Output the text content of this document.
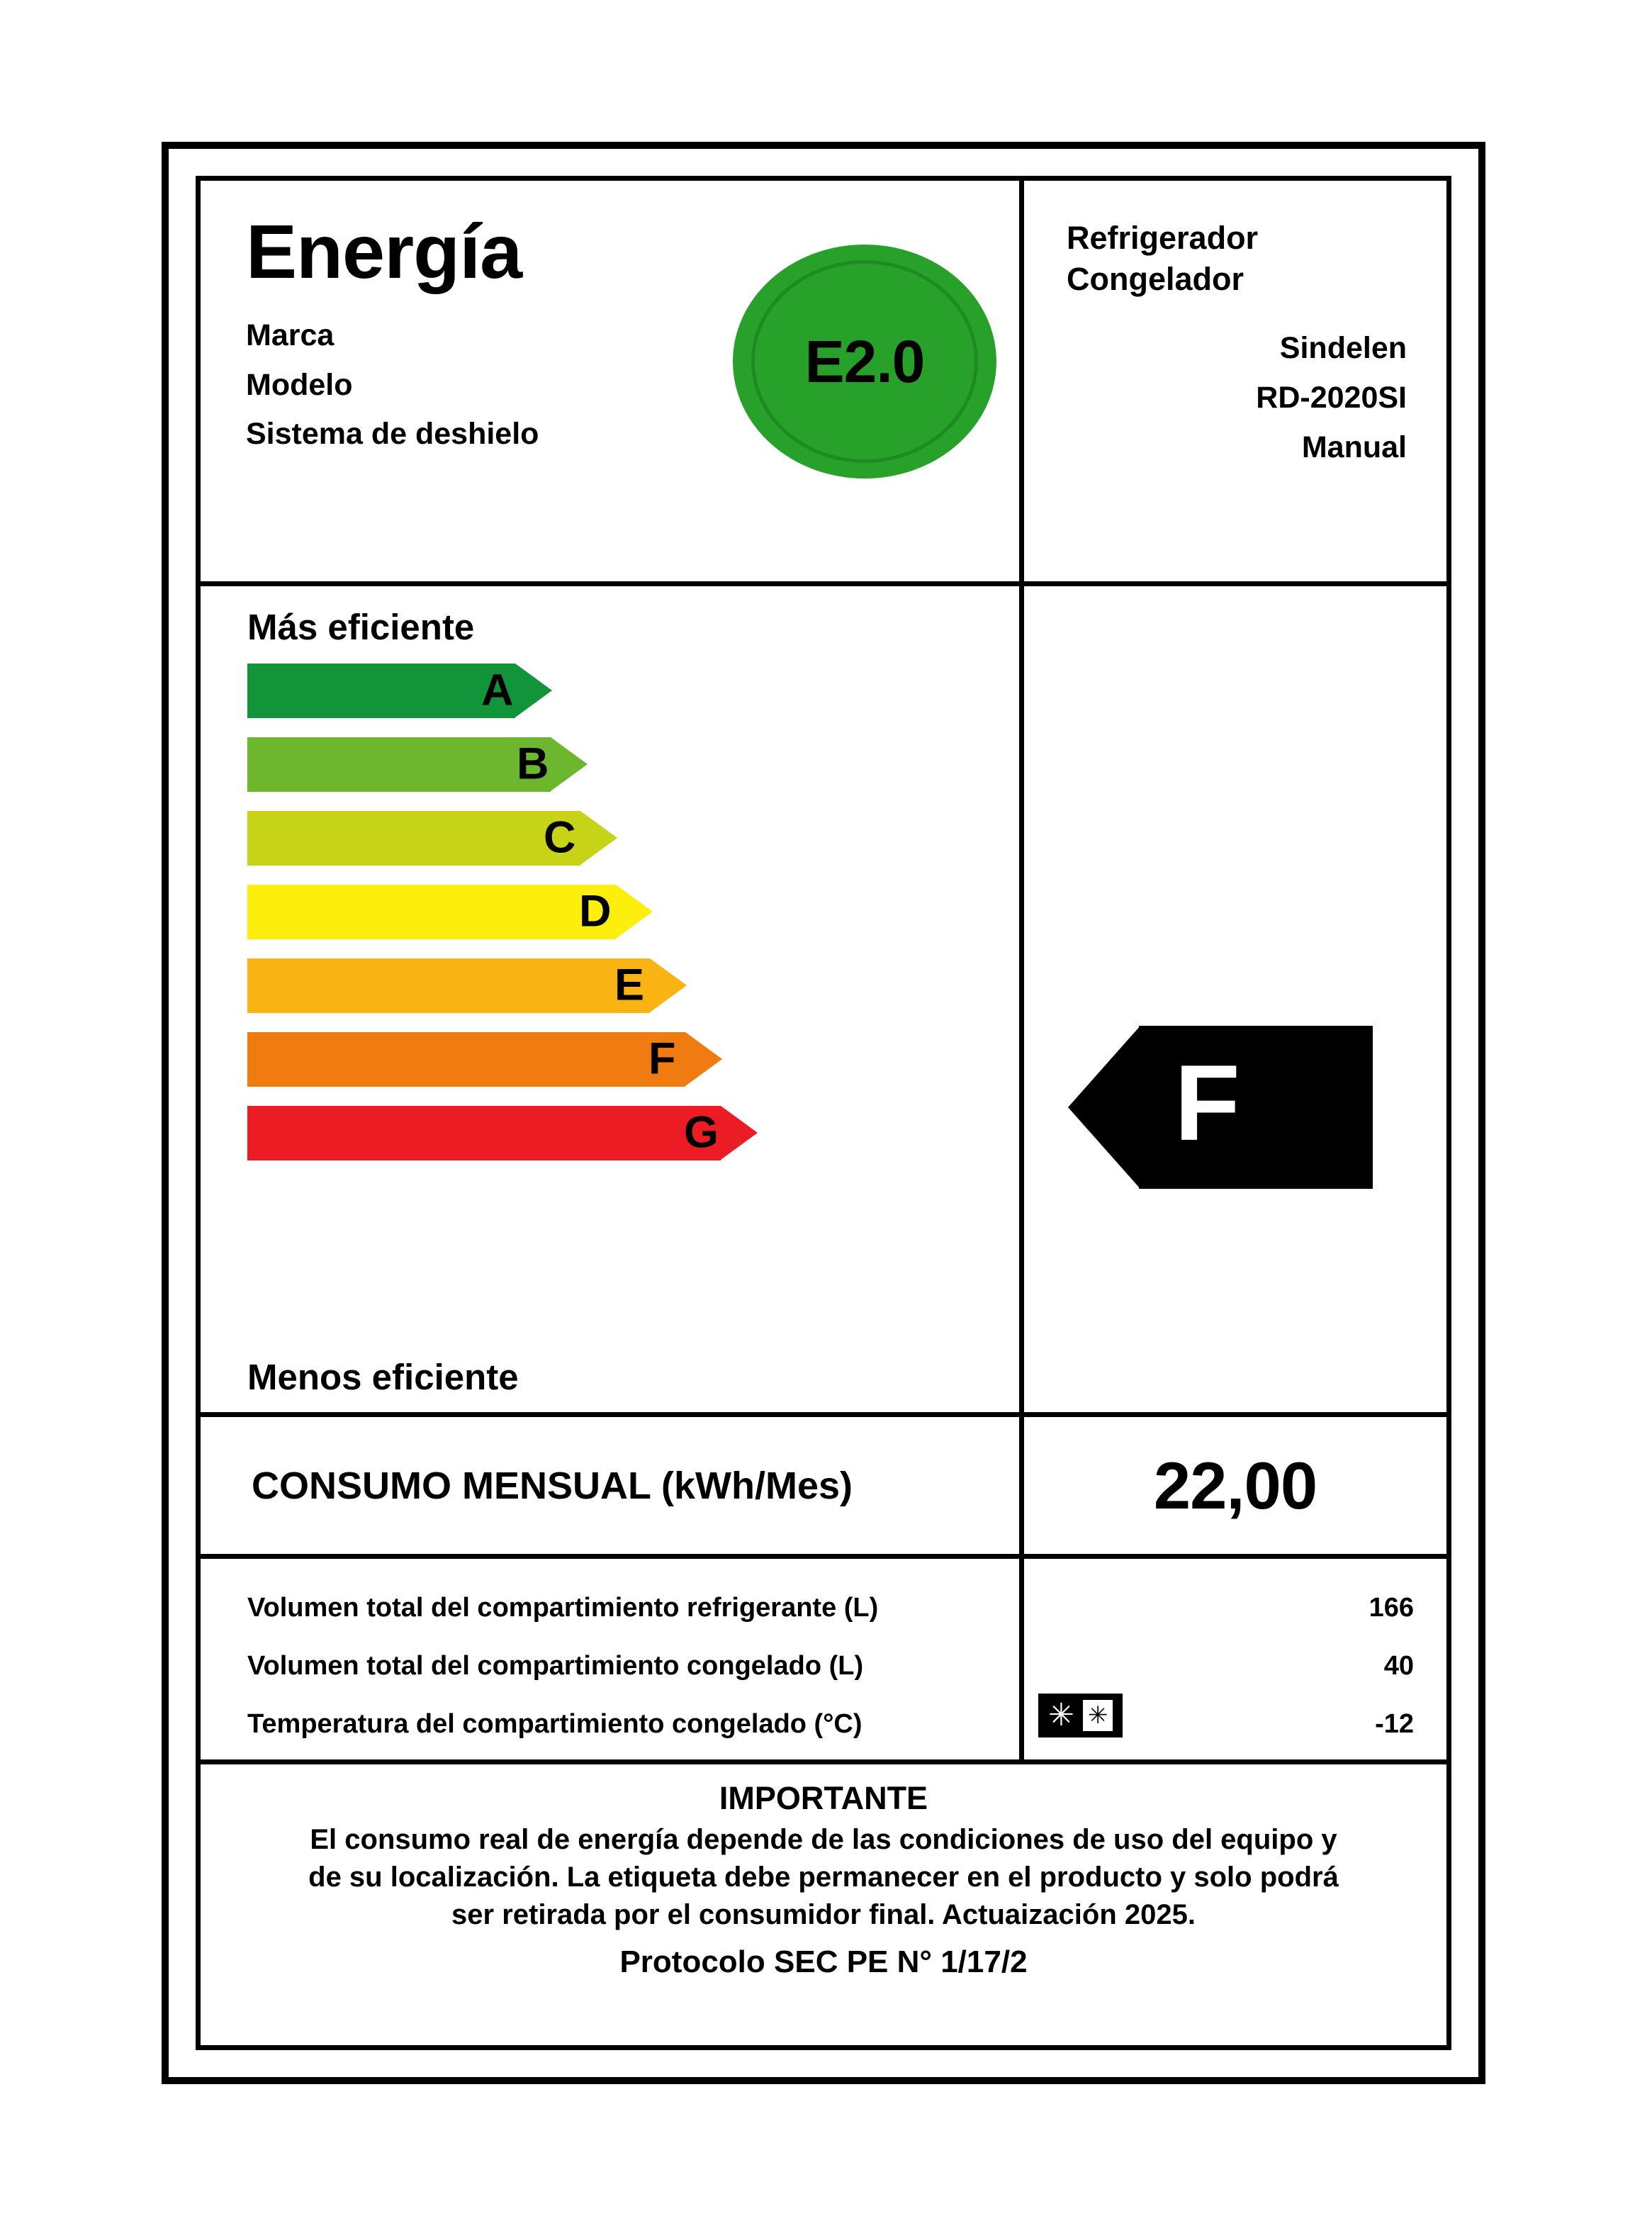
Energía
Marca
Modelo
Sistema de deshielo
E2.0
Refrigerador
Congelador
Sindelen
RD-2020SI
Manual
Más eficiente
A
B
C
D
E
F
G
Menos eficiente
F
CONSUMO MENSUAL (kWh/Mes)	22,00
Volumen total del compartimiento refrigerante (L)
Volumen total del compartimiento congelado (L)
Temperatura del compartimiento congelado (°C)
166
40
-12
✳ ✳
IMPORTANTE
El consumo real de energía depende de las condiciones de uso del equipo y
de su localización. La etiqueta debe permanecer en el producto y solo podrá
ser retirada por el consumidor final. Actuaización 2025.
Protocolo SEC PE N° 1/17/2
